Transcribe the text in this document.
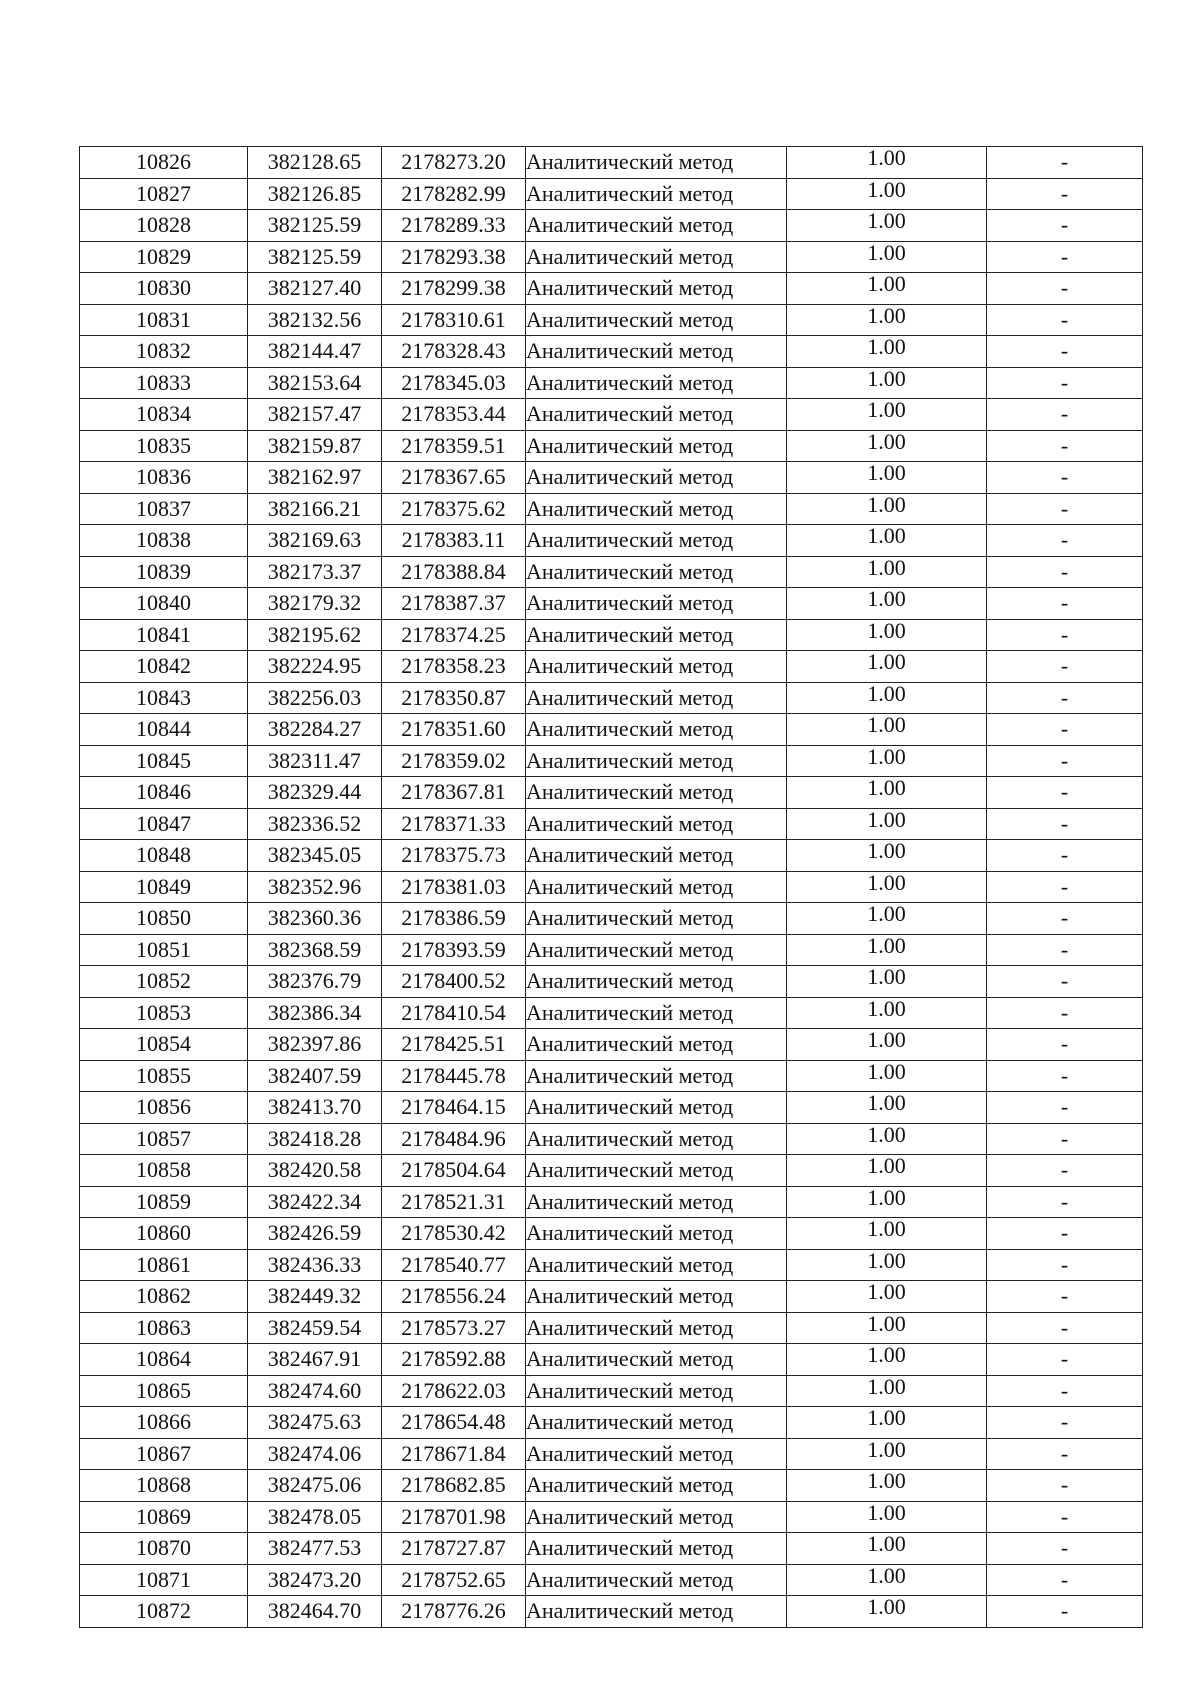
10826	382128.65	2178273.20	Аналитический метод	1.00	-
10827	382126.85	2178282.99	Аналитический метод	1.00	-
10828	382125.59	2178289.33	Аналитический метод	1.00	-
10829	382125.59	2178293.38	Аналитический метод	1.00	-
10830	382127.40	2178299.38	Аналитический метод	1.00	-
10831	382132.56	2178310.61	Аналитический метод	1.00	-
10832	382144.47	2178328.43	Аналитический метод	1.00	-
10833	382153.64	2178345.03	Аналитический метод	1.00	-
10834	382157.47	2178353.44	Аналитический метод	1.00	-
10835	382159.87	2178359.51	Аналитический метод	1.00	-
10836	382162.97	2178367.65	Аналитический метод	1.00	-
10837	382166.21	2178375.62	Аналитический метод	1.00	-
10838	382169.63	2178383.11	Аналитический метод	1.00	-
10839	382173.37	2178388.84	Аналитический метод	1.00	-
10840	382179.32	2178387.37	Аналитический метод	1.00	-
10841	382195.62	2178374.25	Аналитический метод	1.00	-
10842	382224.95	2178358.23	Аналитический метод	1.00	-
10843	382256.03	2178350.87	Аналитический метод	1.00	-
10844	382284.27	2178351.60	Аналитический метод	1.00	-
10845	382311.47	2178359.02	Аналитический метод	1.00	-
10846	382329.44	2178367.81	Аналитический метод	1.00	-
10847	382336.52	2178371.33	Аналитический метод	1.00	-
10848	382345.05	2178375.73	Аналитический метод	1.00	-
10849	382352.96	2178381.03	Аналитический метод	1.00	-
10850	382360.36	2178386.59	Аналитический метод	1.00	-
10851	382368.59	2178393.59	Аналитический метод	1.00	-
10852	382376.79	2178400.52	Аналитический метод	1.00	-
10853	382386.34	2178410.54	Аналитический метод	1.00	-
10854	382397.86	2178425.51	Аналитический метод	1.00	-
10855	382407.59	2178445.78	Аналитический метод	1.00	-
10856	382413.70	2178464.15	Аналитический метод	1.00	-
10857	382418.28	2178484.96	Аналитический метод	1.00	-
10858	382420.58	2178504.64	Аналитический метод	1.00	-
10859	382422.34	2178521.31	Аналитический метод	1.00	-
10860	382426.59	2178530.42	Аналитический метод	1.00	-
10861	382436.33	2178540.77	Аналитический метод	1.00	-
10862	382449.32	2178556.24	Аналитический метод	1.00	-
10863	382459.54	2178573.27	Аналитический метод	1.00	-
10864	382467.91	2178592.88	Аналитический метод	1.00	-
10865	382474.60	2178622.03	Аналитический метод	1.00	-
10866	382475.63	2178654.48	Аналитический метод	1.00	-
10867	382474.06	2178671.84	Аналитический метод	1.00	-
10868	382475.06	2178682.85	Аналитический метод	1.00	-
10869	382478.05	2178701.98	Аналитический метод	1.00	-
10870	382477.53	2178727.87	Аналитический метод	1.00	-
10871	382473.20	2178752.65	Аналитический метод	1.00	-
10872	382464.70	2178776.26	Аналитический метод	1.00	-
